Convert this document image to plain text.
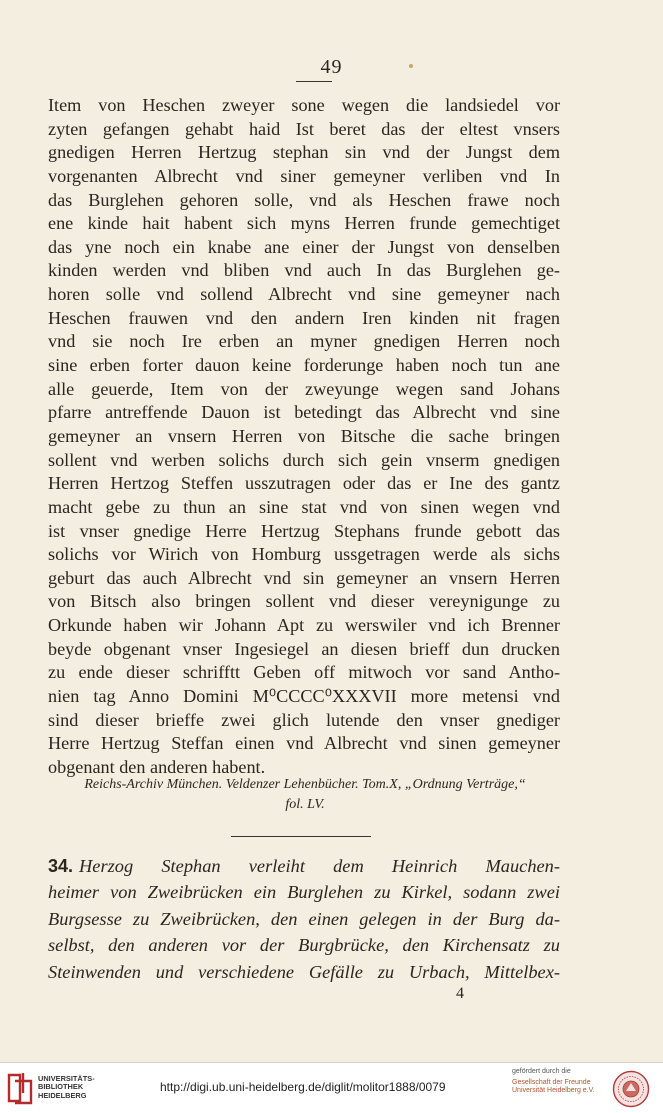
49
Item von Heschen zweyer sone wegen die landsiedel vor
zyten gefangen gehabt haid Ist beret das der eltest vnsers
gnedigen Herren Hertzug stephan sin vnd der Jungst dem
vorgenanten Albrecht vnd siner gemeyner verliben vnd In
das Burglehen gehoren solle, vnd als Heschen frawe noch
ene kinde hait habent sich myns Herren frunde gemechtiget
das yne noch ein knabe ane einer der Jungst von denselben
kinden werden vnd bliben vnd auch In das Burglehen ge-
horen solle vnd sollend Albrecht vnd sine gemeyner nach
Heschen frauwen vnd den andern Iren kinden nit fragen
vnd sie noch Ire erben an myner gnedigen Herren noch
sine erben forter dauon keine forderunge haben noch tun ane
alle geuerde, Item von der zweyunge wegen sand Johans
pfarre antreffende Dauon ist betedingt das Albrecht vnd sine
gemeyner an vnsern Herren von Bitsche die sache bringen
sollent vnd werben solichs durch sich gein vnserm gnedigen
Herren Hertzog Steffen usszutragen oder das er Ine des gantz
macht gebe zu thun an sine stat vnd von sinen wegen vnd
ist vnser gnedige Herre Hertzug Stephans frunde gebott das
solichs vor Wirich von Homburg ussgetragen werde als sichs
geburt das auch Albrecht vnd sin gemeyner an vnsern Herren
von Bitsch also bringen sollent vnd dieser vereynigunge zu
Orkunde haben wir Johann Apt zu werswiler vnd ich Brenner
beyde obgenant vnser Ingesiegel an diesen brieff dun drucken
zu ende dieser schrifftt Geben off mitwoch vor sand Antho-
nien tag Anno Domini M⁰CCCC⁰XXXVII more metensi vnd
sind dieser brieffe zwei glich lutende den vnser gnediger
Herre Hertzug Steffan einen vnd Albrecht vnd sinen gemeyner
obgenant den anderen habent.
Reichs-Archiv München. Veldenzer Lehenbücher. Tom.X, „Ordnung Verträge,“
fol. LV.
34. Herzog Stephan verleiht dem Heinrich Mauchen-
heimer von Zweibrücken ein Burglehen zu Kirkel, sodann zwei
Burgsesse zu Zweibrücken, den einen gelegen in der Burg da-
selbst, den anderen vor der Burgbrücke, den Kirchensatz zu
Steinwenden und verschiedene Gefälle zu Urbach, Mittelbex-
4
UNIVERSITÄTS-
BIBLIOTHEK
HEIDELBERG
http://digi.ub.uni-heidelberg.de/diglit/molitor1888/0079
gefördert durch die
Gesellschaft der Freunde
Universität Heidelberg e.V.
